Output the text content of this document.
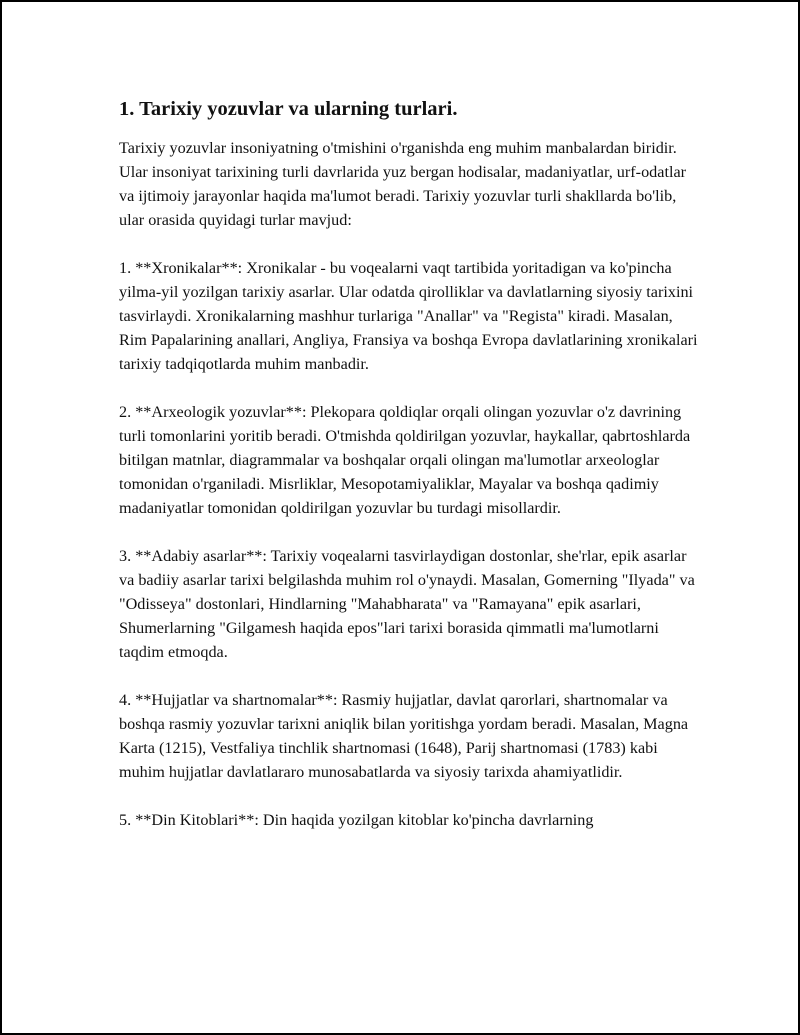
1. Tarixiy yozuvlar va ularning turlari.

Tarixiy yozuvlar insoniyatning o'tmishini o'rganishda eng muhim manbalardan biridir. Ular insoniyat tarixining turli davrlarida yuz bergan hodisalar, madaniyatlar, urf-odatlar va ijtimoiy jarayonlar haqida ma'lumot beradi. Tarixiy yozuvlar turli shakllarda bo'lib, ular orasida quyidagi turlar mavjud:

1. **Xronikalar**: Xronikalar - bu voqealarni vaqt tartibida yoritadigan va ko'pincha yilma-yil yozilgan tarixiy asarlar. Ular odatda qirolliklar va davlatlarning siyosiy tarixini tasvirlaydi. Xronikalarning mashhur turlariga "Anallar" va "Regista" kiradi. Masalan, Rim Papalarining anallari, Angliya, Fransiya va boshqa Evropa davlatlarining xronikalari tarixiy tadqiqotlarda muhim manbadir.

2. **Arxeologik yozuvlar**: Plekopara qoldiqlar orqali olingan yozuvlar o'z davrining turli tomonlarini yoritib beradi. O'tmishda qoldirilgan yozuvlar, haykallar, qabrtoshlarda bitilgan matnlar, diagrammalar va boshqalar orqali olingan ma'lumotlar arxeologlar tomonidan o'rganiladi. Misrliklar, Mesopotamiyaliklar, Mayalar va boshqa qadimiy madaniyatlar tomonidan qoldirilgan yozuvlar bu turdagi misollardir.

3. **Adabiy asarlar**: Tarixiy voqealarni tasvirlaydigan dostonlar, she'rlar, epik asarlar va badiiy asarlar tarixi belgilashda muhim rol o'ynaydi. Masalan, Gomerning "Ilyada" va "Odisseya" dostonlari, Hindlarning "Mahabharata" va "Ramayana" epik asarlari, Shumerlarning "Gilgamesh haqida epos"lari tarixi borasida qimmatli ma'lumotlarni taqdim etmoqda.

4. **Hujjatlar va shartnomalar**: Rasmiy hujjatlar, davlat qarorlari, shartnomalar va boshqa rasmiy yozuvlar tarixni aniqlik bilan yoritishga yordam beradi. Masalan, Magna Karta (1215), Vestfaliya tinchlik shartnomasi (1648), Parij shartnomasi (1783) kabi muhim hujjatlar davlatlararo munosabatlarda va siyosiy tarixda ahamiyatlidir.

5. **Din Kitoblari**: Din haqida yozilgan kitoblar ko'pincha davrlarning
